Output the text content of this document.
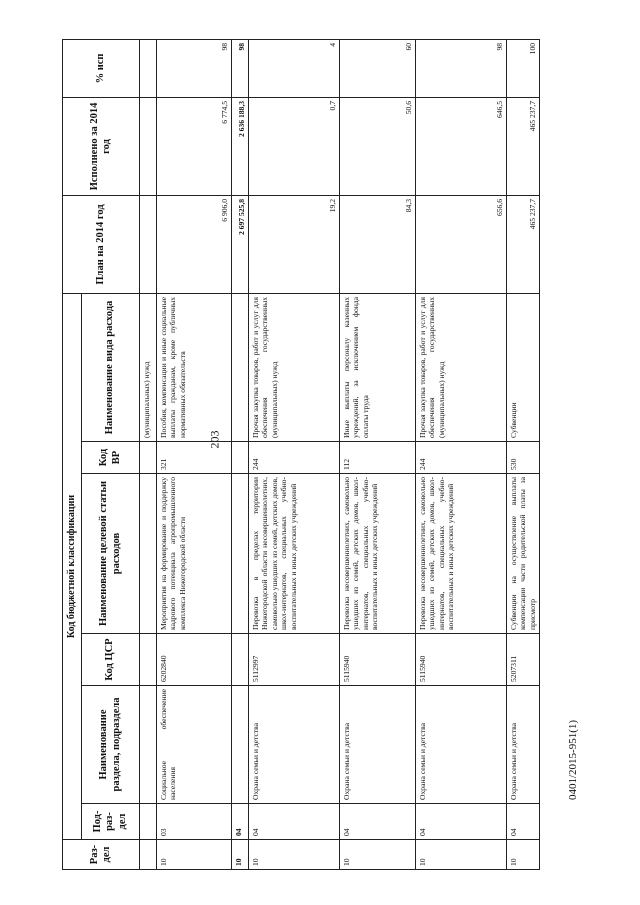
203
Раз-дел	Код бюджетной классификации						План на 2014 год	Исполнено за 2014 год	% исп
	Под-раз-дел	Наименование раздела, подраздела	Код ЦСР	Наименование целевой статьи расходов	Код ВР	Наименование вида расхода			
						(муниципальных) нужд			
10	03	Социальное обеспечение населения	6202840	Мероприятия на формирование и поддержку кадрового потенциала агропромышленного комплекса Нижегородской области	321	Пособия, компенсации и иные социальные выплаты гражданам, кроме публичных нормативных обязательств	6 906,0	6 774,5	98
10	04						2 697 525,8	2 636 188,3	98
10	04	Охрана семьи и детства	5112997	Перевозка в пределах территории Нижегородской области несовершеннолетних, самовольно ушедших из семей, детских домов, школ-интернатов, специальных учебно-воспитательных и иных детских учреждений	244	Прочая закупка товаров, работ и услуг для обеспечения государственных (муниципальных) нужд	19,2	0,7	4
10	04	Охрана семьи и детства	5115940	Перевозка несовершеннолетних, самовольно ушедших из семей, детских домов, школ-интернатов, специальных учебно-воспитательных и иных детских учреждений	112	Иные выплаты персоналу казенных учреждений, за исключением фонда оплаты труда	84,3	50,6	60
10	04	Охрана семьи и детства	5115940	Перевозка несовершеннолетних, самовольно ушедших из семей, детских домов, школ-интернатов, специальных учебно-воспитательных и иных детских учреждений	244	Прочая закупка товаров, работ и услуг для обеспечения государственных (муниципальных) нужд	656,6	646,5	98
10	04	Охрана семьи и детства	5207311	Субвенции на осуществление выплаты компенсации части родительской платы за присмотр	530	Субвенции	465 237,7	465 237,7	100
0401/2015-951(1)
